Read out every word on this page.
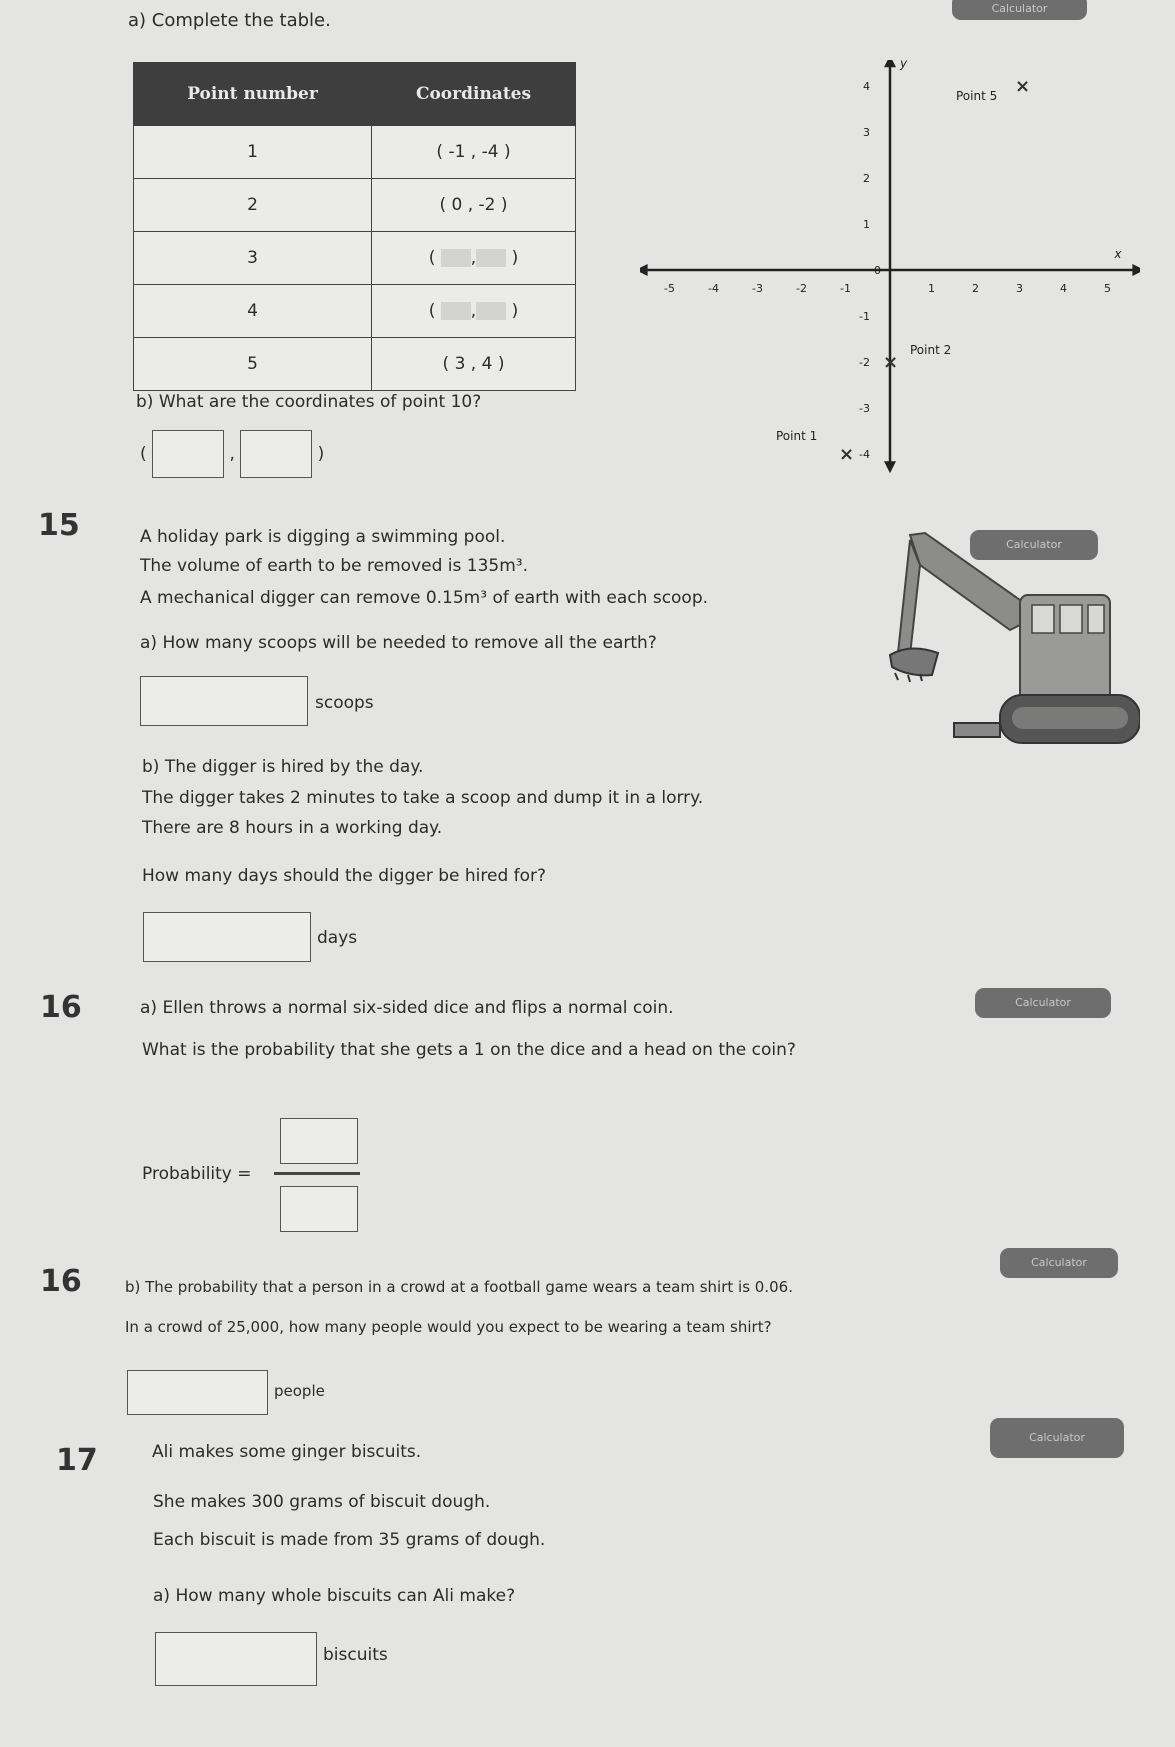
Calculator
a) Complete the table.
Point number	Coordinates
1	( -1 , -4 )
2	( 0 , -2 )
3	( , )
4	( , )
5	( 3 , 4 )
b) What are the coordinates of point 10?
(	,	)
x
y
-5	-4	-3	-2	-1
0
1	2	3	4	5
4
3
2
1
-1
-2
-3
-4
×
×
×
Point 5
Point 2
Point 1
15	A holiday park is digging a swimming pool.
The volume of earth to be removed is 135m³.
A mechanical digger can remove 0.15m³ of earth with each scoop.
Calculator
a) How many scoops will be needed to remove all the earth?
scoops
b) The digger is hired by the day.
The digger takes 2 minutes to take a scoop and dump it in a lorry.
There are 8 hours in a working day.
How many days should the digger be hired for?
days
16	a) Ellen throws a normal six-sided dice and flips a normal coin.	Calculator
What is the probability that she gets a 1 on the dice and a head on the coin?
Probability =
16
Calculator
b) The probability that a person in a crowd at a football game wears a team shirt is 0.06.
In a crowd of 25,000, how many people would you expect to be wearing a team shirt?
people
17
Calculator
Ali makes some ginger biscuits.
She makes 300 grams of biscuit dough.
Each biscuit is made from 35 grams of dough.
a) How many whole biscuits can Ali make?
biscuits
